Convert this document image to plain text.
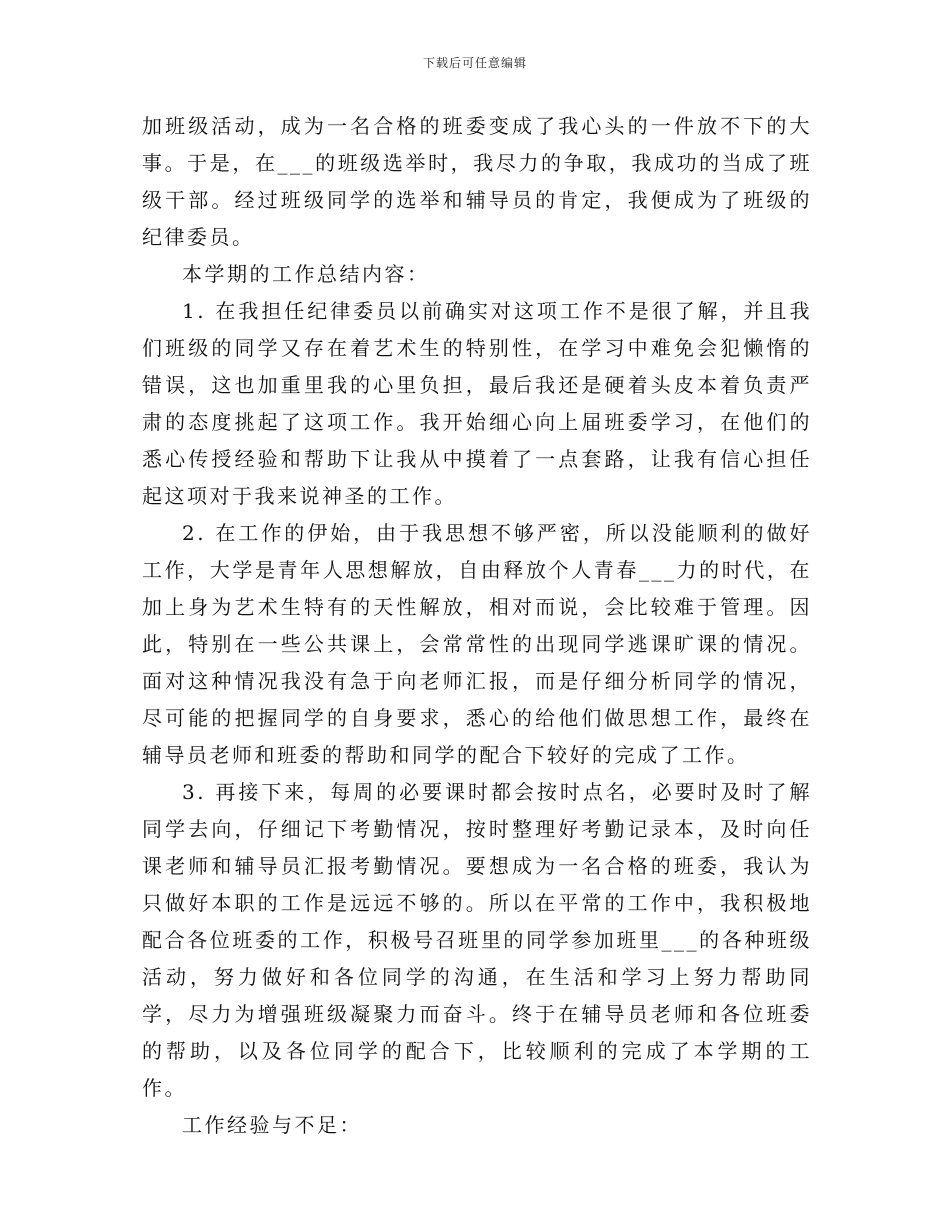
下载后可任意编辑

加班级活动，成为一名合格的班委变成了我心头的一件放不下的大事。于是，在___的班级选举时，我尽力的争取，我成功的当成了班级干部。经过班级同学的选举和辅导员的肯定，我便成为了班级的纪律委员。

本学期的工作总结内容：

1. 在我担任纪律委员以前确实对这项工作不是很了解，并且我们班级的同学又存在着艺术生的特别性，在学习中难免会犯懒惰的错误，这也加重里我的心里负担，最后我还是硬着头皮本着负责严肃的态度挑起了这项工作。我开始细心向上届班委学习，在他们的悉心传授经验和帮助下让我从中摸着了一点套路，让我有信心担任起这项对于我来说神圣的工作。

2. 在工作的伊始，由于我思想不够严密，所以没能顺利的做好工作，大学是青年人思想解放，自由释放个人青春___力的时代，在加上身为艺术生特有的天性解放，相对而说，会比较难于管理。因此，特别在一些公共课上，会常常性的出现同学逃课旷课的情况。面对这种情况我没有急于向老师汇报，而是仔细分析同学的情况，尽可能的把握同学的自身要求，悉心的给他们做思想工作，最终在辅导员老师和班委的帮助和同学的配合下较好的完成了工作。

3. 再接下来，每周的必要课时都会按时点名，必要时及时了解同学去向，仔细记下考勤情况，按时整理好考勤记录本，及时向任课老师和辅导员汇报考勤情况。要想成为一名合格的班委，我认为只做好本职的工作是远远不够的。所以在平常的工作中，我积极地配合各位班委的工作，积极号召班里的同学参加班里___的各种班级活动，努力做好和各位同学的沟通，在生活和学习上努力帮助同学，尽力为增强班级凝聚力而奋斗。终于在辅导员老师和各位班委的帮助，以及各位同学的配合下，比较顺利的完成了本学期的工作。

工作经验与不足：
